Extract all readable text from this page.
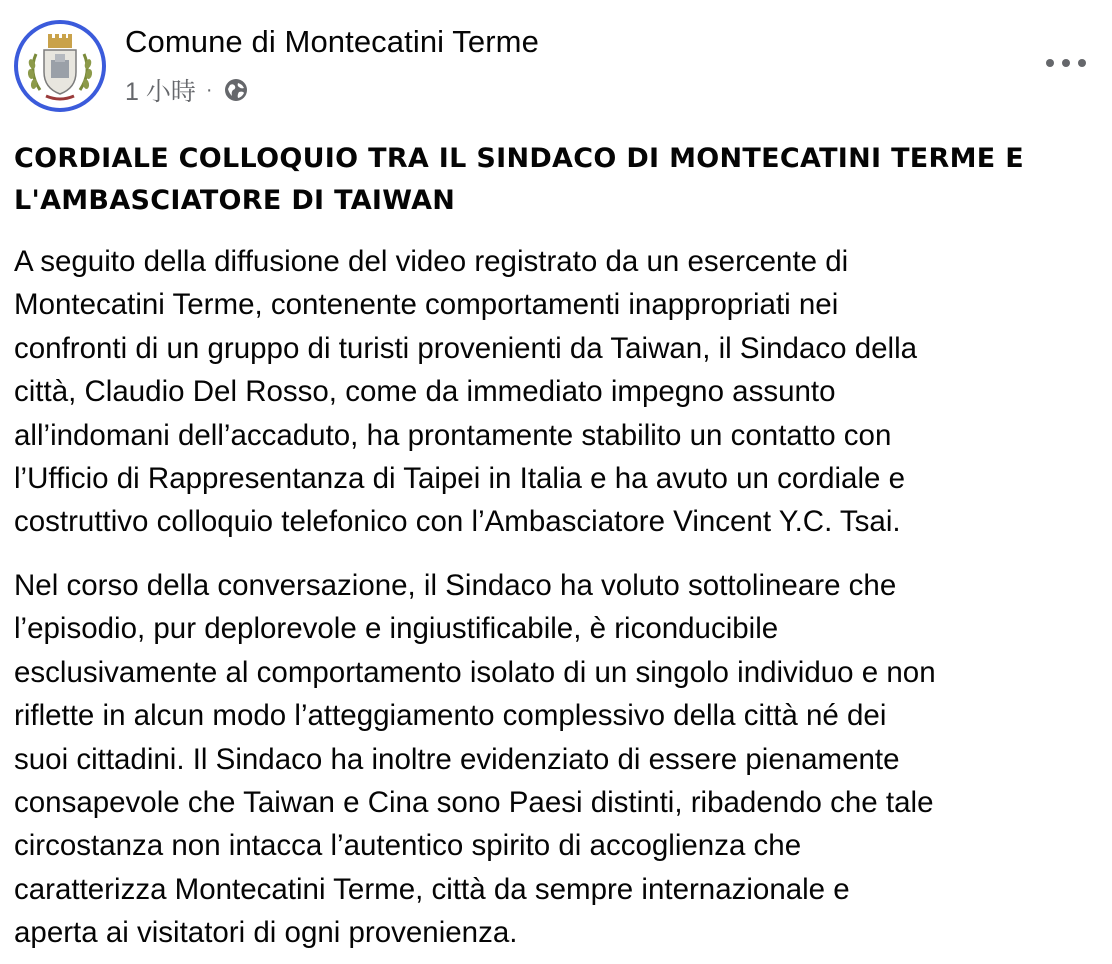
Comune di Montecatini Terme
1 小時 ·
CORDIALE COLLOQUIO TRA IL SINDACO DI MONTECATINI TERME E
L'AMBASCIATORE DI TAIWAN
A seguito della diffusione del video registrato da un esercente di
Montecatini Terme, contenente comportamenti inappropriati nei
confronti di un gruppo di turisti provenienti da Taiwan, il Sindaco della
città, Claudio Del Rosso, come da immediato impegno assunto
all’indomani dell’accaduto, ha prontamente stabilito un contatto con
l’Ufficio di Rappresentanza di Taipei in Italia e ha avuto un cordiale e
costruttivo colloquio telefonico con l’Ambasciatore Vincent Y.C. Tsai.
Nel corso della conversazione, il Sindaco ha voluto sottolineare che
l’episodio, pur deplorevole e ingiustificabile, è riconducibile
esclusivamente al comportamento isolato di un singolo individuo e non
riflette in alcun modo l’atteggiamento complessivo della città né dei
suoi cittadini. Il Sindaco ha inoltre evidenziato di essere pienamente
consapevole che Taiwan e Cina sono Paesi distinti, ribadendo che tale
circostanza non intacca l’autentico spirito di accoglienza che
caratterizza Montecatini Terme, città da sempre internazionale e
aperta ai visitatori di ogni provenienza.
